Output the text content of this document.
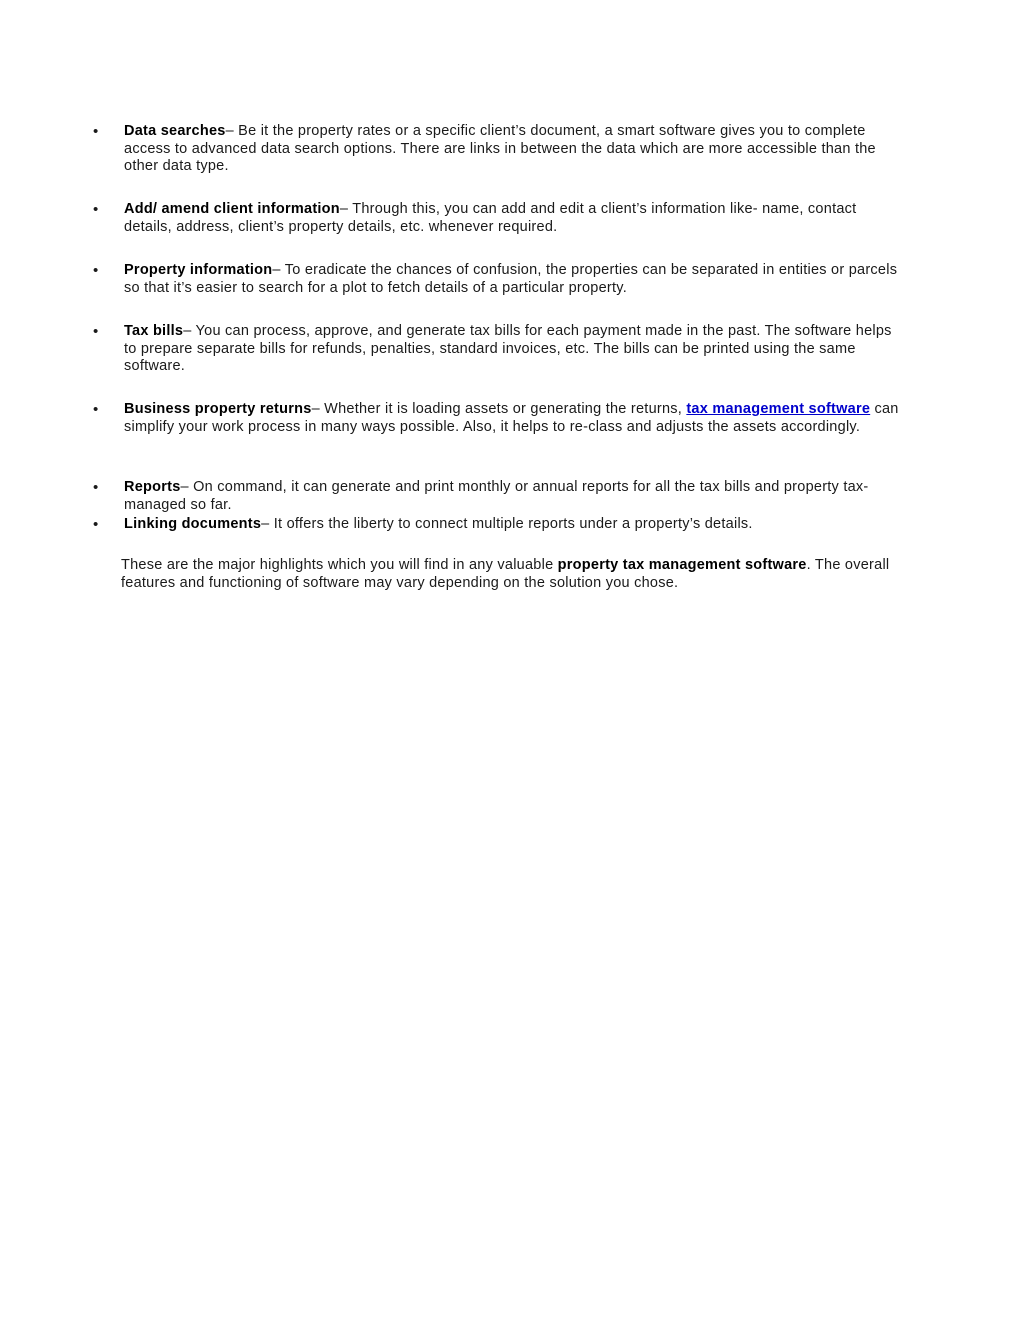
• Data searches– Be it the property rates or a specific client’s document, a smart software gives you to complete access to advanced data search options. There are links in between the data which are more accessible than the other data type.

• Add/ amend client information– Through this, you can add and edit a client’s information like- name, contact details, address, client’s property details, etc. whenever required.

• Property information– To eradicate the chances of confusion, the properties can be separated in entities or parcels so that it’s easier to search for a plot to fetch details of a particular property.

• Tax bills– You can process, approve, and generate tax bills for each payment made in the past. The software helps to prepare separate bills for refunds, penalties, standard invoices, etc. The bills can be printed using the same software.

• Business property returns– Whether it is loading assets or generating the returns, tax management software can simplify your work process in many ways possible. Also, it helps to re-class and adjusts the assets accordingly.

• Reports– On command, it can generate and print monthly or annual reports for all the tax bills and property tax-managed so far.

• Linking documents– It offers the liberty to connect multiple reports under a property’s details.

These are the major highlights which you will find in any valuable property tax management software. The overall features and functioning of software may vary depending on the solution you chose.
